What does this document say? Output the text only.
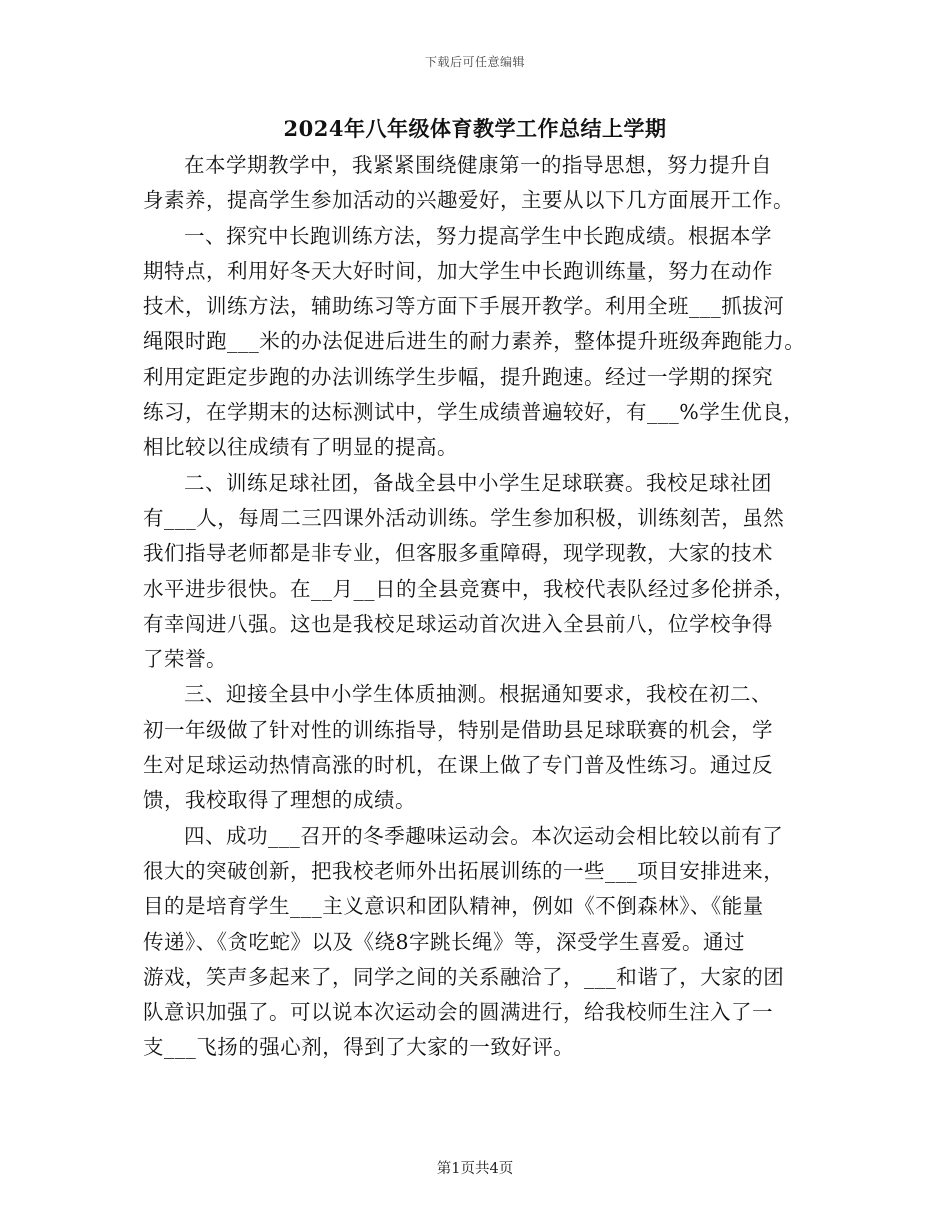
下载后可任意编辑
2024年八年级体育教学工作总结上学期
在本学期教学中，我紧紧围绕健康第一的指导思想，努力提升自
身素养，提高学生参加活动的兴趣爱好，主要从以下几方面展开工作。
一、探究中长跑训练方法，努力提高学生中长跑成绩。根据本学
期特点，利用好冬天大好时间，加大学生中长跑训练量，努力在动作
技术，训练方法，辅助练习等方面下手展开教学。利用全班___抓拔河
绳限时跑___米的办法促进后进生的耐力素养，整体提升班级奔跑能力。
利用定距定步跑的办法训练学生步幅，提升跑速。经过一学期的探究
练习，在学期末的达标测试中，学生成绩普遍较好，有___%学生优良，
相比较以往成绩有了明显的提高。
二、训练足球社团，备战全县中小学生足球联赛。我校足球社团
有___人，每周二三四课外活动训练。学生参加积极，训练刻苦，虽然
我们指导老师都是非专业，但客服多重障碍，现学现教，大家的技术
水平进步很快。在__月__日的全县竞赛中，我校代表队经过多伦拼杀，
有幸闯进八强。这也是我校足球运动首次进入全县前八，位学校争得
了荣誉。
三、迎接全县中小学生体质抽测。根据通知要求，我校在初二、
初一年级做了针对性的训练指导，特别是借助县足球联赛的机会，学
生对足球运动热情高涨的时机，在课上做了专门普及性练习。通过反
馈，我校取得了理想的成绩。
四、成功___召开的冬季趣味运动会。本次运动会相比较以前有了
很大的突破创新，把我校老师外出拓展训练的一些___项目安排进来，
目的是培育学生___主义意识和团队精神，例如《不倒森林》、《能量
传递》、《贪吃蛇》以及《绕8字跳长绳》等，深受学生喜爱。通过
游戏，笑声多起来了，同学之间的关系融洽了，___和谐了，大家的团
队意识加强了。可以说本次运动会的圆满进行，给我校师生注入了一
支___飞扬的强心剂，得到了大家的一致好评。
第1页共4页
